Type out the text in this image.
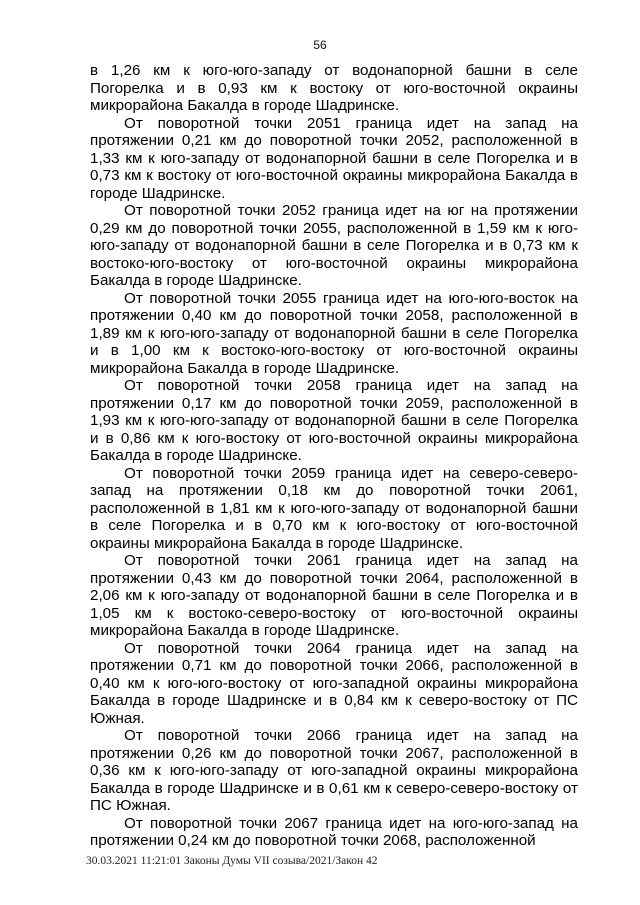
56

в 1,26 км к юго-юго-западу от водонапорной башни в селе Погорелка и в 0,93 км к востоку от юго-восточной окраины микрорайона Бакалда в городе Шадринске.

От поворотной точки 2051 граница идет на запад на протяжении 0,21 км до поворотной точки 2052, расположенной в 1,33 км к юго-западу от водонапорной башни в селе Погорелка и в 0,73 км к востоку от юго-восточной окраины микрорайона Бакалда в городе Шадринске.

От поворотной точки 2052 граница идет на юг на протяжении 0,29 км до поворотной точки 2055, расположенной в 1,59 км к юго-юго-западу от водонапорной башни в селе Погорелка и в 0,73 км к востоко-юго-востоку от юго-восточной окраины микрорайона Бакалда в городе Шадринске.

От поворотной точки 2055 граница идет на юго-юго-восток на протяжении 0,40 км до поворотной точки 2058, расположенной в 1,89 км к юго-юго-западу от водонапорной башни в селе Погорелка и в 1,00 км к востоко-юго-востоку от юго-восточной окраины микрорайона Бакалда в городе Шадринске.

От поворотной точки 2058 граница идет на запад на протяжении 0,17 км до поворотной точки 2059, расположенной в 1,93 км к юго-юго-западу от водонапорной башни в селе Погорелка и в 0,86 км к юго-востоку от юго-восточной окраины микрорайона Бакалда в городе Шадринске.

От поворотной точки 2059 граница идет на северо-северо-запад на протяжении 0,18 км до поворотной точки 2061, расположенной в 1,81 км к юго-юго-западу от водонапорной башни в селе Погорелка и в 0,70 км к юго-востоку от юго-восточной окраины микрорайона Бакалда в городе Шадринске.

От поворотной точки 2061 граница идет на запад на протяжении 0,43 км до поворотной точки 2064, расположенной в 2,06 км к юго-западу от водонапорной башни в селе Погорелка и в 1,05 км к востоко-северо-востоку от юго-восточной окраины микрорайона Бакалда в городе Шадринске.

От поворотной точки 2064 граница идет на запад на протяжении 0,71 км до поворотной точки 2066, расположенной в 0,40 км к юго-юго-востоку от юго-западной окраины микрорайона Бакалда в городе Шадринске и в 0,84 км к северо-востоку от ПС Южная.

От поворотной точки 2066 граница идет на запад на протяжении 0,26 км до поворотной точки 2067, расположенной в 0,36 км к юго-юго-западу от юго-западной окраины микрорайона Бакалда в городе Шадринске и в 0,61 км к северо-северо-востоку от ПС Южная.

От поворотной точки 2067 граница идет на юго-юго-запад на протяжении 0,24 км до поворотной точки 2068, расположенной

30.03.2021 11:21:01 Законы Думы VII созыва/2021/Закон 42
